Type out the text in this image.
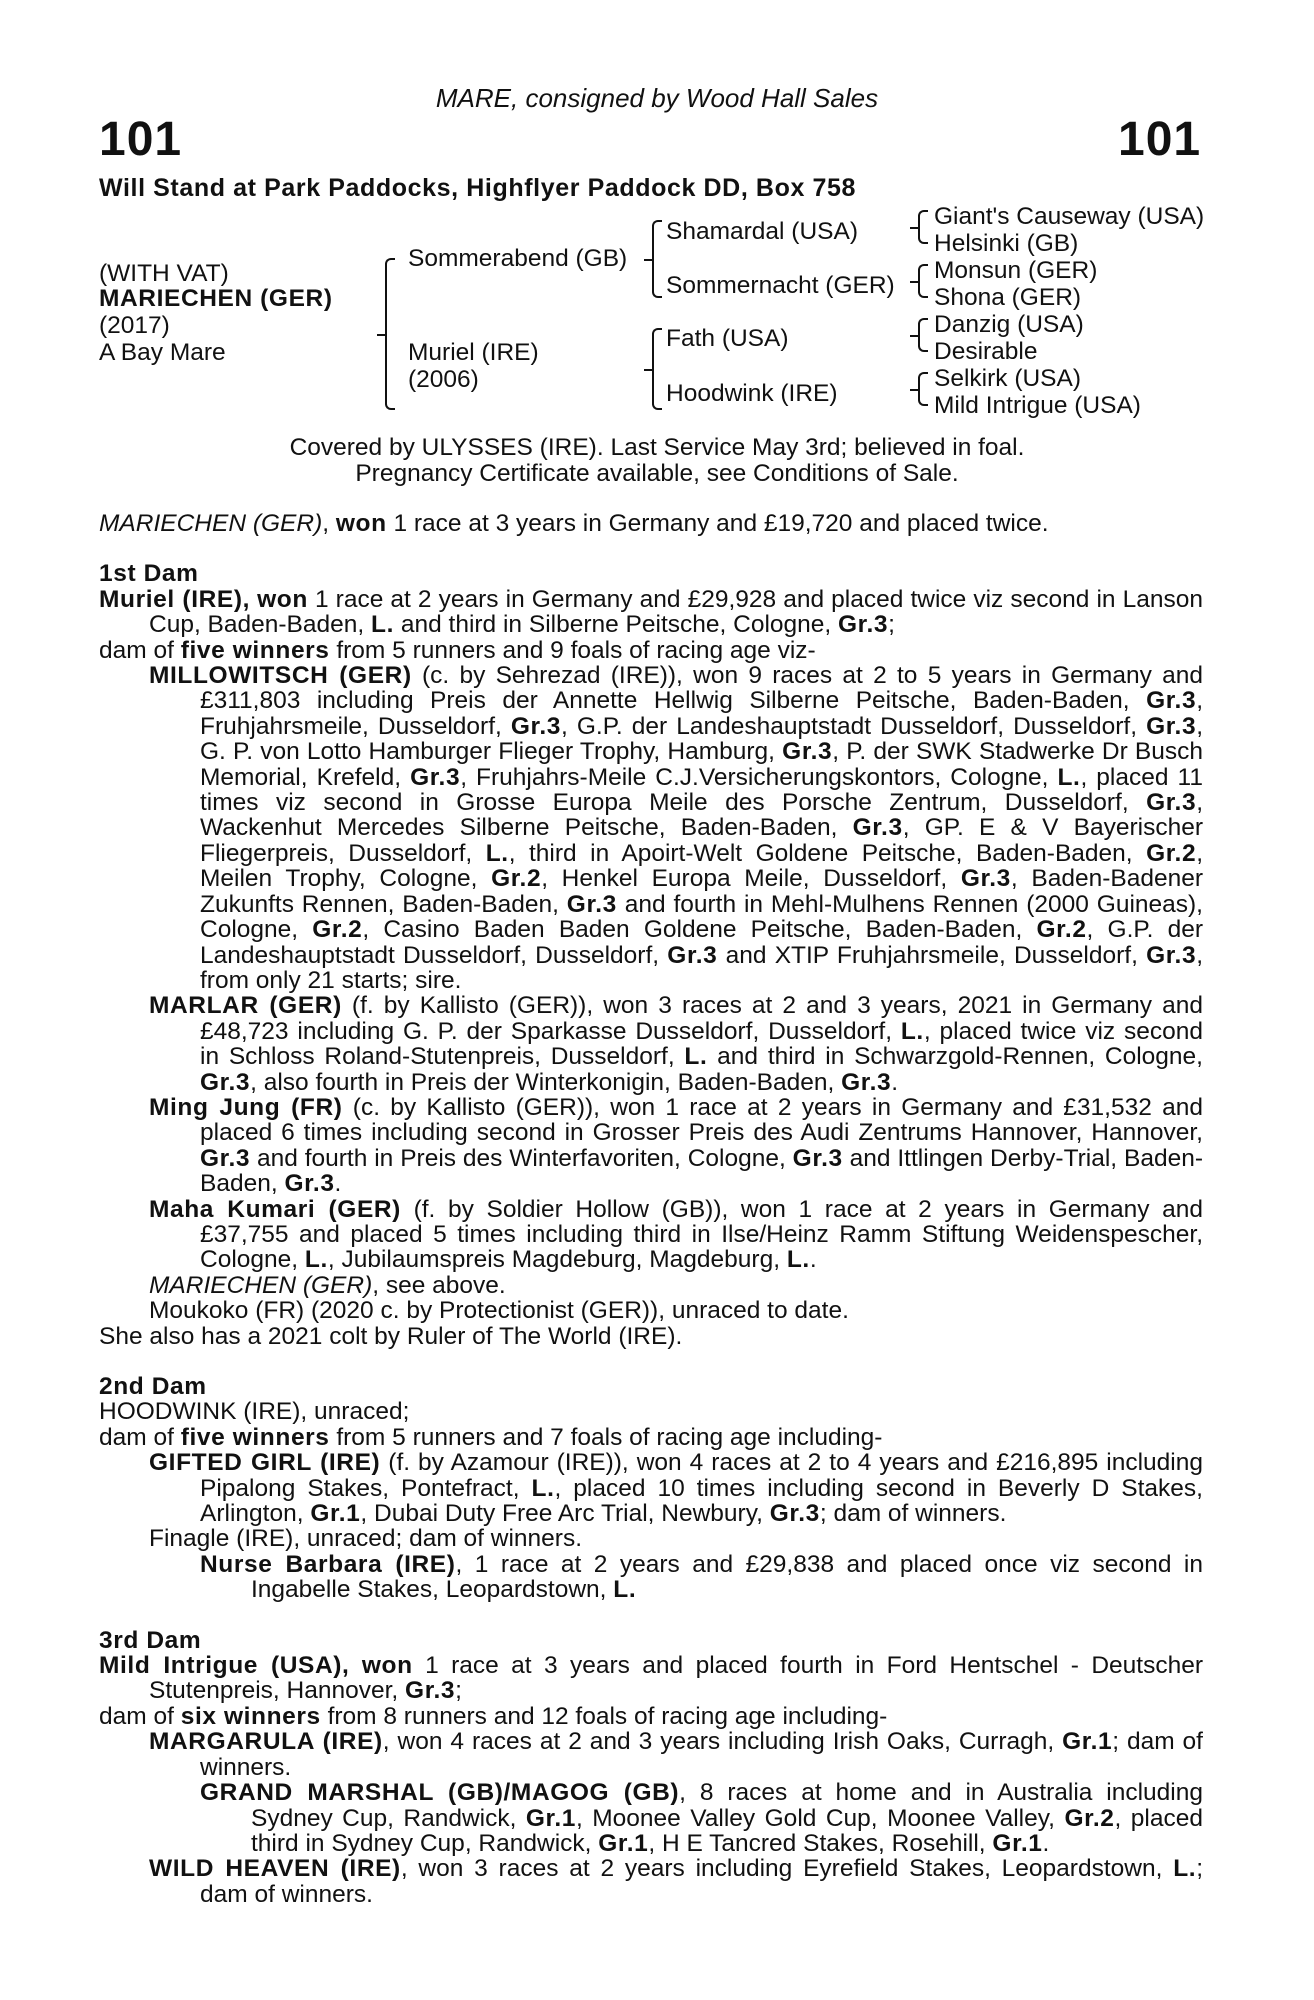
MARE, consigned by Wood Hall Sales
101	101
Will Stand at Park Paddocks, Highflyer Paddock DD, Box 758
(WITH VAT)
MARIECHEN (GER)
(2017)
A Bay Mare
Sommerabend (GB)
Muriel (IRE)
(2006)
Shamardal (USA)
Sommernacht (GER)
Fath (USA)
Hoodwink (IRE)
Giant's Causeway (USA)
Helsinki (GB)
Monsun (GER)
Shona (GER)
Danzig (USA)
Desirable
Selkirk (USA)
Mild Intrigue (USA)
Covered by ULYSSES (IRE). Last Service May 3rd; believed in foal.
Pregnancy Certificate available, see Conditions of Sale.

MARIECHEN (GER), won 1 race at 3 years in Germany and £19,720 and placed twice.

1st Dam

Muriel (IRE), won 1 race at 2 years in Germany and £29,928 and placed twice viz second in Lanson Cup, Baden-Baden, L. and third in Silberne Peitsche, Cologne, Gr.3;

dam of five winners from 5 runners and 9 foals of racing age viz-

MILLOWITSCH (GER) (c. by Sehrezad (IRE)), won 9 races at 2 to 5 years in Germany and £311,803 including Preis der Annette Hellwig Silberne Peitsche, Baden-Baden, Gr.3, Fruhjahrsmeile, Dusseldorf, Gr.3, G.P. der Landeshauptstadt Dusseldorf, Dusseldorf, Gr.3, G. P. von Lotto Hamburger Flieger Trophy, Hamburg, Gr.3, P. der SWK Stadwerke Dr Busch Memorial, Krefeld, Gr.3, Fruhjahrs-Meile C.J.Versicherungskontors, Cologne, L., placed 11 times viz second in Grosse Europa Meile des Porsche Zentrum, Dusseldorf, Gr.3, Wackenhut Mercedes Silberne Peitsche, Baden-Baden, Gr.3, GP. E & V Bayerischer Fliegerpreis, Dusseldorf, L., third in Apoirt-Welt Goldene Peitsche, Baden-Baden, Gr.2, Meilen Trophy, Cologne, Gr.2, Henkel Europa Meile, Dusseldorf, Gr.3, Baden-Badener Zukunfts Rennen, Baden-Baden, Gr.3 and fourth in Mehl-Mulhens Rennen (2000 Guineas), Cologne, Gr.2, Casino Baden Baden Goldene Peitsche, Baden-Baden, Gr.2, G.P. der Landeshauptstadt Dusseldorf, Dusseldorf, Gr.3 and XTIP Fruhjahrsmeile, Dusseldorf, Gr.3, from only 21 starts; sire.

MARLAR (GER) (f. by Kallisto (GER)), won 3 races at 2 and 3 years, 2021 in Germany and £48,723 including G. P. der Sparkasse Dusseldorf, Dusseldorf, L., placed twice viz second in Schloss Roland-Stutenpreis, Dusseldorf, L. and third in Schwarzgold-Rennen, Cologne, Gr.3, also fourth in Preis der Winterkonigin, Baden-Baden, Gr.3.

Ming Jung (FR) (c. by Kallisto (GER)), won 1 race at 2 years in Germany and £31,532 and placed 6 times including second in Grosser Preis des Audi Zentrums Hannover, Hannover, Gr.3 and fourth in Preis des Winterfavoriten, Cologne, Gr.3 and Ittlingen Derby-Trial, Baden-Baden, Gr.3.

Maha Kumari (GER) (f. by Soldier Hollow (GB)), won 1 race at 2 years in Germany and £37,755 and placed 5 times including third in Ilse/Heinz Ramm Stiftung Weidenspescher, Cologne, L., Jubilaumspreis Magdeburg, Magdeburg, L..

MARIECHEN (GER), see above.

Moukoko (FR) (2020 c. by Protectionist (GER)), unraced to date.

She also has a 2021 colt by Ruler of The World (IRE).

2nd Dam

HOODWINK (IRE), unraced;

dam of five winners from 5 runners and 7 foals of racing age including-

GIFTED GIRL (IRE) (f. by Azamour (IRE)), won 4 races at 2 to 4 years and £216,895 including Pipalong Stakes, Pontefract, L., placed 10 times including second in Beverly D Stakes, Arlington, Gr.1, Dubai Duty Free Arc Trial, Newbury, Gr.3; dam of winners.

Finagle (IRE), unraced; dam of winners.

Nurse Barbara (IRE), 1 race at 2 years and £29,838 and placed once viz second in Ingabelle Stakes, Leopardstown, L.

3rd Dam

Mild Intrigue (USA), won 1 race at 3 years and placed fourth in Ford Hentschel - Deutscher Stutenpreis, Hannover, Gr.3;

dam of six winners from 8 runners and 12 foals of racing age including-

MARGARULA (IRE), won 4 races at 2 and 3 years including Irish Oaks, Curragh, Gr.1; dam of winners.

GRAND MARSHAL (GB)/MAGOG (GB), 8 races at home and in Australia including Sydney Cup, Randwick, Gr.1, Moonee Valley Gold Cup, Moonee Valley, Gr.2, placed third in Sydney Cup, Randwick, Gr.1, H E Tancred Stakes, Rosehill, Gr.1.

WILD HEAVEN (IRE), won 3 races at 2 years including Eyrefield Stakes, Leopardstown, L.; dam of winners.
